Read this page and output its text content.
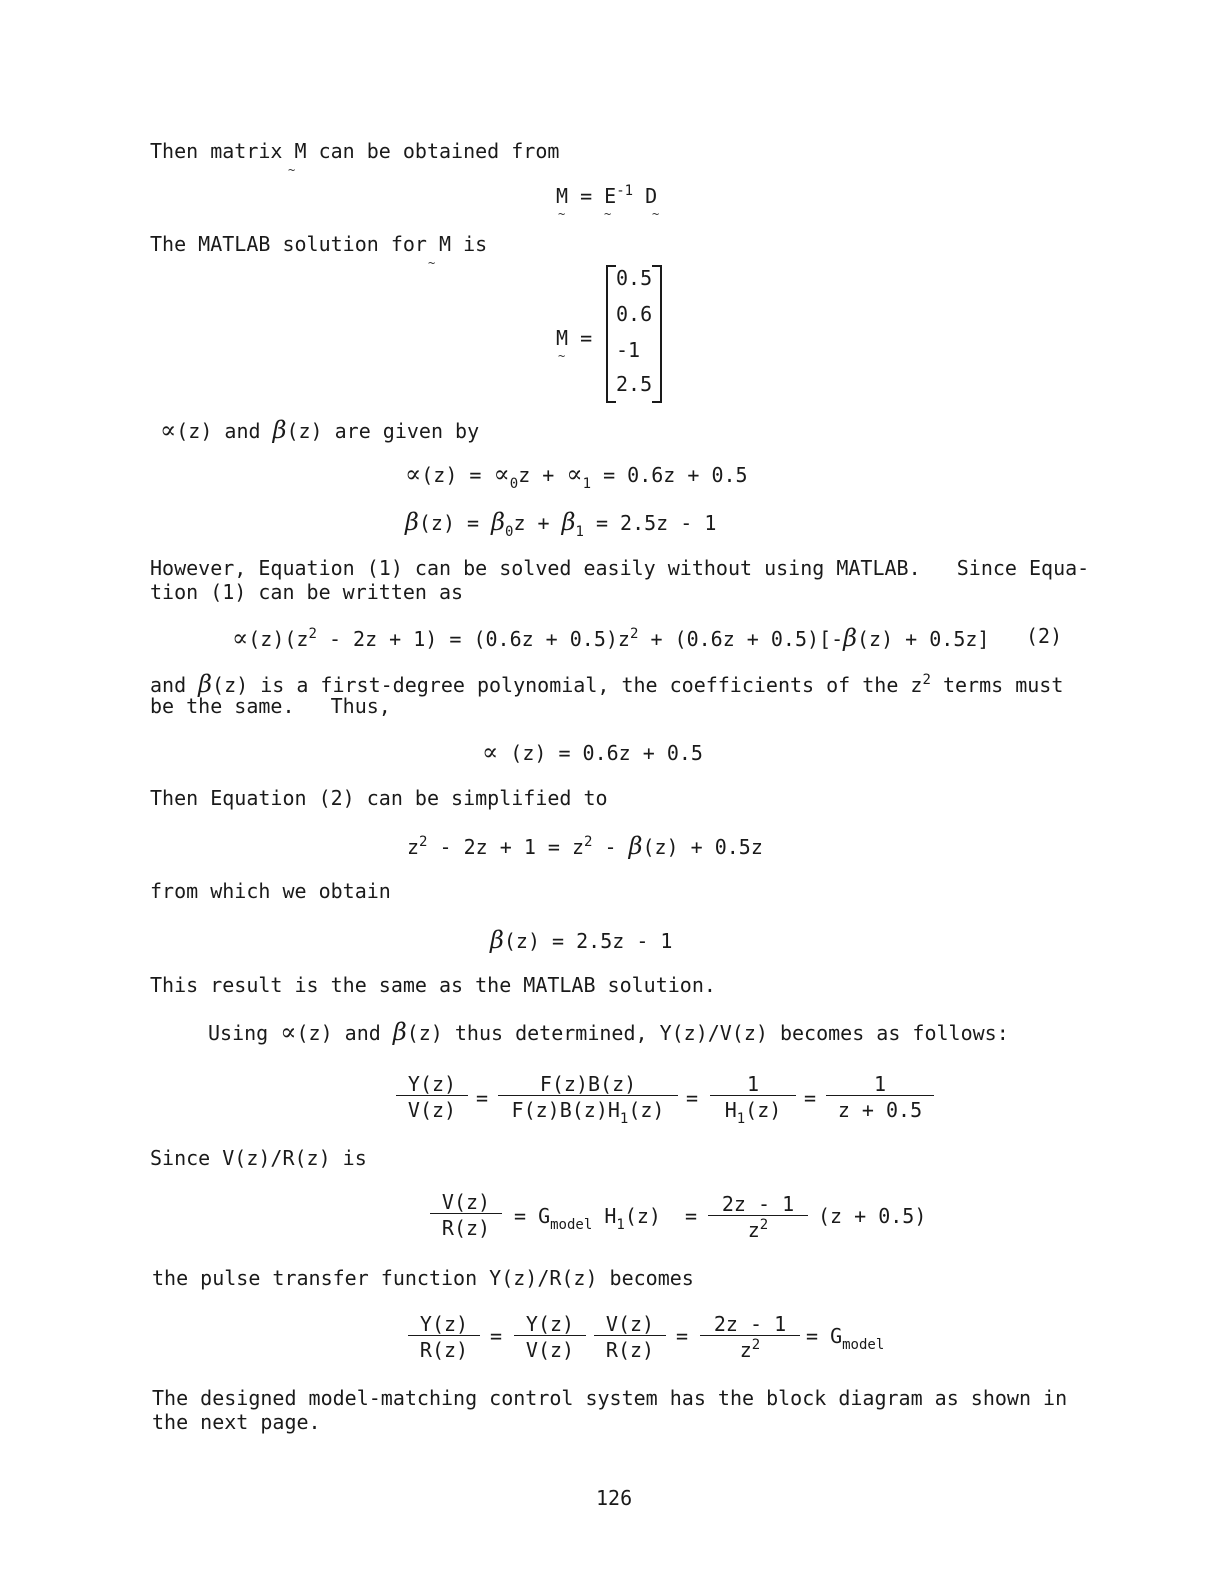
Then matrix M can be obtained from
~
$M = E^{-1}$ D
~	~	~
The MATLAB solution for M is
~
M =
~
0.5
0.6
-1
2.5
∝(z) and β(z) are given by
$\propto(z) = \propto_0z + \propto_1 = 0.6z + 0.5$
$\beta(z) = \beta_0z + \beta_1 = 2.5z - 1$
However, Equation (1) can be solved easily without using MATLAB.   Since Equa-
tion (1) can be written as
$\propto(z)(z^2 - 2z + 1) = (0.6z + 0.5)z^2 + (0.6z + 0.5)[-\beta(z) + 0.5z]$ (2)
and β(z) is a first-degree polynomial, the coefficients of the $z^2$ terms must
be the same.   Thus,
∝ (z) = 0.6z + 0.5
Then Equation (2) can be simplified to
$z^2 - 2z + 1 = z^2 - \beta(z) + 0.5z$
from which we obtain
β(z) = 2.5z - 1
This result is the same as the MATLAB solution.
Using ∝(z) and β(z) thus determined, Y(z)/V(z) becomes as follows:
Y(z)
V(z) =
F(z)B(z)
$F(z)B(z)H_1(z)$	=
1
$H_1(z)$	=
1
z + 0.5
Since V(z)/R(z) is
V(z)
R(z)	= $G_{model}$ $H_1(z)$  =	2z - 1
$z^2$	(z + 0.5)
the pulse transfer function Y(z)/R(z) becomes
Y(z)
R(z)
=	Y(z)
V(z)
V(z)
R(z)
=	2z - 1
$z^2$	= $G_{model}$
The designed model-matching control system has the block diagram as shown in
the next page.
126
